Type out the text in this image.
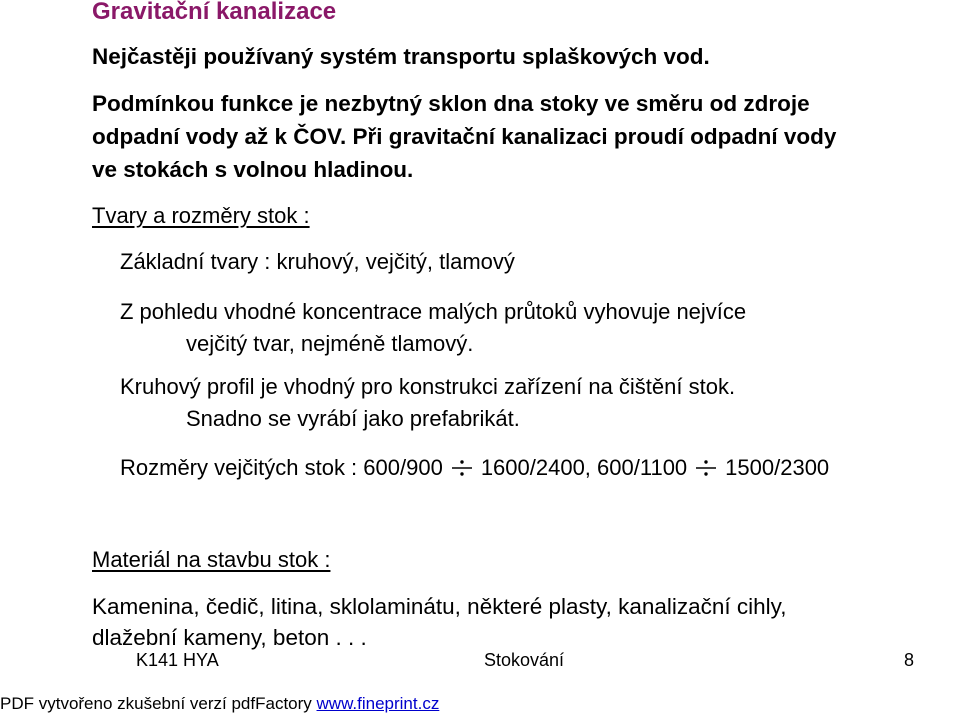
Gravitační kanalizace
Nejčastěji používaný systém transportu splaškových vod.
Podmínkou funkce je nezbytný sklon dna stoky ve směru od zdroje
odpadní vody až k ČOV. Při gravitační kanalizaci proudí odpadní vody
ve stokách s volnou hladinou.
Tvary a rozměry stok :
Základní tvary : kruhový, vejčitý, tlamový
Z pohledu vhodné koncentrace malých průtoků vyhovuje nejvíce
vejčitý tvar, nejméně tlamový.
Kruhový profil je vhodný pro konstrukci zařízení na čištění stok.
Snadno se vyrábí jako prefabrikát.
Rozměry vejčitých stok : 600/900 1600/2400, 600/1100 1500/2300
Materiál na stavbu stok :
Kamenina, čedič, litina, sklolaminátu, některé plasty, kanalizační cihly,
dlažební kameny, beton . . .
K141 HYA	Stokování	8
PDF vytvořeno zkušební verzí pdfFactory www.fineprint.cz
